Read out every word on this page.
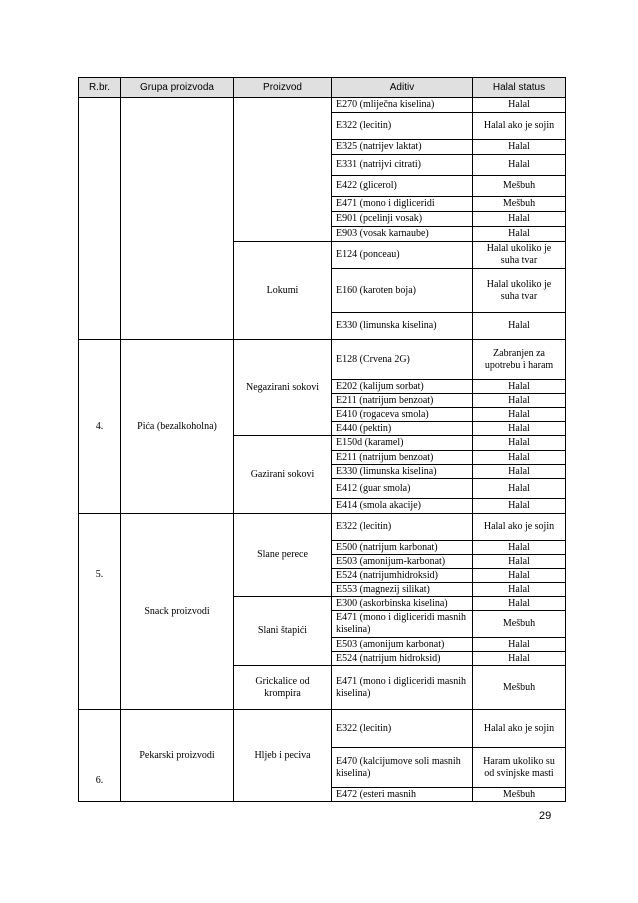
R.br.	Grupa proizvoda	Proizvod	Aditiv	Halal status
			E270 (mliječna kiselina)	Halal
			E322 (lecitin)	Halal ako je sojin
			E325 (natrijev laktat)	Halal
			E331 (natrijvi citrati)	Halal
			E422 (glicerol)	Mešbuh
			E471 (mono i digliceridi	Mešbuh
			E901 (pcelinji vosak)	Halal
			E903 (vosak karnaube)	Halal
		Lokumi	E124 (ponceau)	Halal ukoliko je suha tvar
			E160 (karoten boja)	Halal ukoliko je suha tvar
			E330 (limunska kiselina)	Halal
4.	Pića (bezalkoholna)	Negazirani sokovi	E128 (Crvena 2G)	Zabranjen za upotrebu i haram
			E202 (kalijum sorbat)	Halal
			E211 (natrijum benzoat)	Halal
			E410 (rogaceva smola)	Halal
			E440 (pektin)	Halal
		Gazirani sokovi	E150d (karamel)	Halal
			E211 (natrijum benzoat)	Halal
			E330 (limunska kiselina)	Halal
			E412 (guar smola)	Halal
			E414 (smola akacije)	Halal
5.	Snack proizvodi	Slane perece	E322 (lecitin)	Halal ako je sojin
			E500 (natrijum karbonat)	Halal
			E503 (amonijum-karbonat)	Halal
			E524 (natrijumhidroksid)	Halal
			E553 (magnezij silikat)	Halal
		Slani štapići	E300 (askorbinska kiselina)	Halal
			E471 (mono i digliceridi masnih kiselina)	Mešbuh
			E503 (amonijum karbonat)	Halal
			E524 (natrijum hidroksid)	Halal
		Grickalice od krompira	E471 (mono i digliceridi masnih kiselina)	Mešbuh
6.	Pekarski proizvodi	Hljeb i peciva	E322 (lecitin)	Halal ako je sojin
			E470 (kalcijumove soli masnih kiselina)	Haram ukoliko su od svinjske masti
			E472 (esteri masnih	Mešbuh
29
